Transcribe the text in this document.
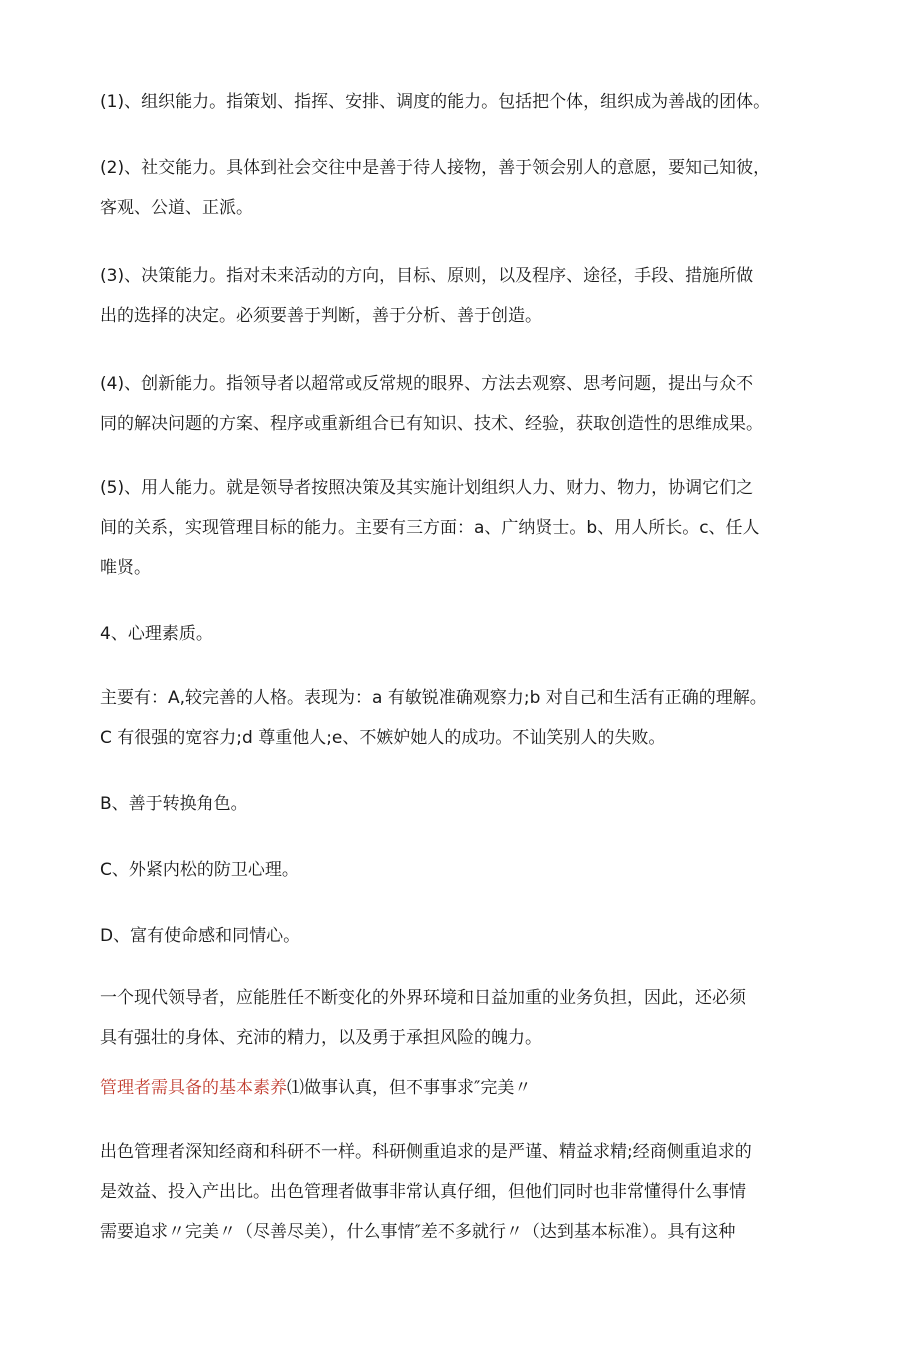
(1)、组织能力。指策划、指挥、安排、调度的能力。包括把个体，组织成为善战的团体。

(2)、社交能力。具体到社会交往中是善于待人接物，善于领会别人的意愿，要知己知彼，
客观、公道、正派。

(3)、决策能力。指对未来活动的方向，目标、原则，以及程序、途径，手段、措施所做
出的选择的决定。必须要善于判断，善于分析、善于创造。

(4)、创新能力。指领导者以超常或反常规的眼界、方法去观察、思考问题，提出与众不
同的解决问题的方案、程序或重新组合已有知识、技术、经验，获取创造性的思维成果。

(5)、用人能力。就是领导者按照决策及其实施计划组织人力、财力、物力，协调它们之
间的关系，实现管理目标的能力。主要有三方面：a、广纳贤士。b、用人所长。c、任人
唯贤。

4、心理素质。

主要有：A,较完善的人格。表现为：a 有敏锐准确观察力;b 对自己和生活有正确的理解。
C 有很强的宽容力;d 尊重他人;e、不嫉妒她人的成功。不讪笑别人的失败。

B、善于转换角色。

C、外紧内松的防卫心理。

D、富有使命感和同情心。

一个现代领导者，应能胜任不断变化的外界环境和日益加重的业务负担，因此，还必须
具有强壮的身体、充沛的精力，以及勇于承担风险的魄力。

管理者需具备的基本素养⑴做事认真，但不事事求″完美〃

出色管理者深知经商和科研不一样。科研侧重追求的是严谨、精益求精;经商侧重追求的
是效益、投入产出比。出色管理者做事非常认真仔细，但他们同时也非常懂得什么事情
需要追求〃完美〃（尽善尽美），什么事情″差不多就行〃（达到基本标准）。具有这种
